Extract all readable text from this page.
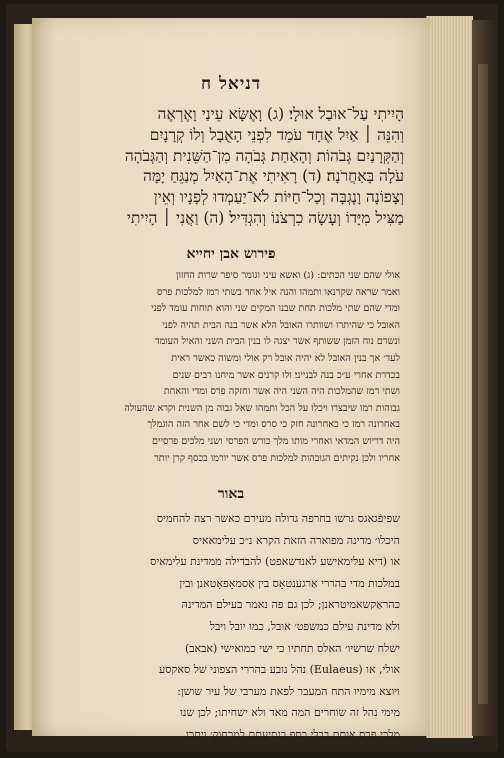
דניאל ח
הָיִיתִי עַל־אוּבַל אוּלָי׃ (ג) וָאֶשָּׂא עֵינַי וָאֶרְאֶה
וְהִנֵּה ׀ אַיִל אֶחָד עֹמֵד לִפְנֵי הָאֻבָל וְלוֹ קְרָנָיִם
וְהַקְּרָנַיִם גְּבֹהוֹת וְהָאַחַת גְּבֹהָה מִן־הַשֵּׁנִית וְהַגְּבֹהָה
עֹלָה בָּאַחֲרֹנָה׃ (ד) רָאִיתִי אֶת־הָאַיִל מְנַגֵּחַ יָמָּה
וְצָפוֹנָה וָנֶגְבָּה וְכָל־חַיּוֹת לֹא־יַעַמְדוּ לְפָנָיו וְאֵין
מַצִּיל מִיָּדוֹ וְעָשָׂה כִרְצֹנוֹ וְהִגְדִּיל׃ (ה) וַאֲנִי ׀ הָיִיתִי
פירוש אבן יחייא
אולי שהם שני הכתים: (ג) ואשא עיני וגומר סיפר שרות החזון
ואמר שראה שקרנאו ותמהו והנה איל אחד בשתי רמז למלכות פרס
ומדי שהם שתי מלכות תחת שבנו המקים שני והוא תוחות עומד לפני
האובל כי שהיתרו ושוותרו האובל הלא אשר בנה הבית תהיה לפני
ונשרם נוח הזמן ששותף אשר יצגה לו בנין הבית השני והאיל העומד
לעד׳ אך בנין האובל לא יהיה אובל רק אולי ומשוה כאשר ראית
בכדרת אחרי ע״כ בנה לבנייני׃ ולו קרנים אשר מיחנו רבים שנים
ושתי רמז שהמלכות היה השני היה אשר וחזקה פרס ומדי והאחת
גבוהות רמו שיבצרו ויכלו על הכל ותמהו שאל גבוה מן השנית וקרא שהעולה
באחרונה רמז כי כאחרונה חזק כי סרס ומדי כי לשם אחר הזה הוגמלך
היה דריוש המדאי ואחרי מותו מלך כורש הפרסי ושני מלכים פרסיים
אחריו ולכן נקיתים הגובהות למלכות פרס אשר יורמו בכסף קרן יותר
באור
שפיפֿגאגס גרשו בחרפה גדולה מעירם כאשר רצה להחמיס
היכלו׳ מדינה מפוארה הזאת הקרא נ״כ עלימאאיס
או (דיא עלימאישע לאנדשאפט) להבדילה ממדינת עלימאיס
במלכות מדי בהררי אַרגענטאָס בין אַסמאָפאָטאנן ובין
כהראַקשאמיטראנן; לכן גם פה נאמר בעילם המדינה
ולא מדינת עילם כמשפט׳ אובל, כמו יובל ויבל
ישלח שרשיו׳ האלס תחתיו כי ישי כמואישי (אבאב)
אולי, או (Eulaeus) נהל נובע בהררי הצפוני של סאקסע
ויוצא מימיו התח המעבר לפאת מערבי של עיר שושן:
מימי נהל זה שוחרים המה מאד ולא ישחיתו; לכן שנו
מלכי פרס אותם בבלי כסף בנסיעתם למרחוק׳ ויתכן
